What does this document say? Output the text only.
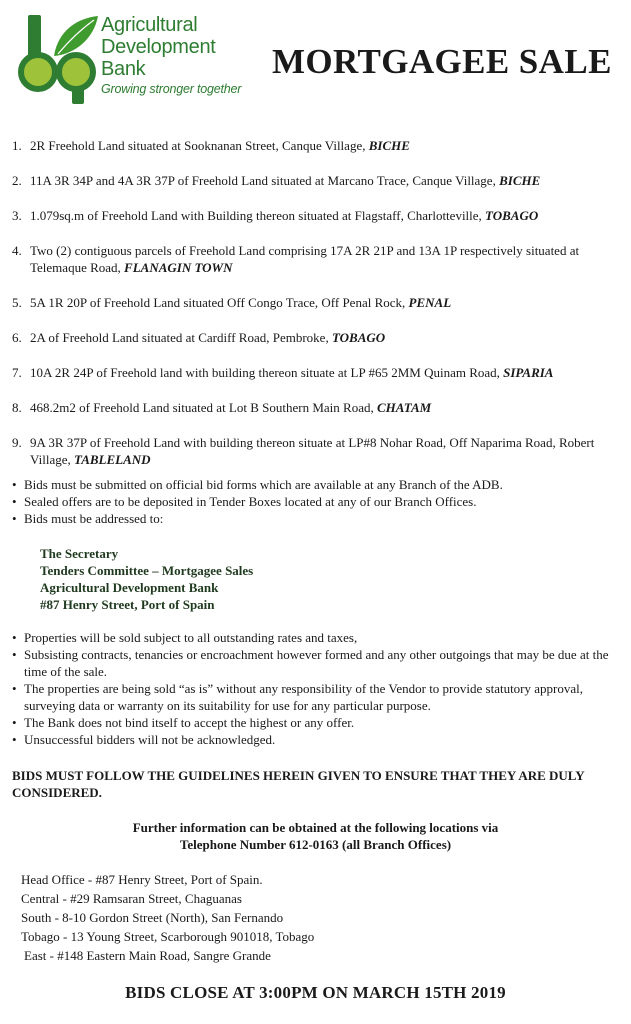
Agricultural
Development
Bank
Growing stronger together
MORTGAGEE SALE
1. 2R Freehold Land situated at Sooknanan Street, Canque Village, BICHE
2. 11A 3R 34P and 4A 3R 37P of Freehold Land situated at Marcano Trace, Canque Village, BICHE
3. 1.079sq.m of Freehold Land with Building thereon situated at Flagstaff, Charlotteville, TOBAGO
4. Two (2) contiguous parcels of Freehold Land comprising 17A 2R 21P and 13A 1P respectively situated at Telemaque Road, FLANAGIN TOWN
5. 5A 1R 20P of Freehold Land situated Off Congo Trace, Off Penal Rock, PENAL
6. 2A of Freehold Land situated at Cardiff Road, Pembroke, TOBAGO
7. 10A 2R 24P of Freehold land with building thereon situate at LP #65 2MM Quinam Road, SIPARIA
8. 468.2m2 of Freehold Land situated at Lot B Southern Main Road, CHATAM
9. 9A 3R 37P of Freehold Land with building thereon situate at LP#8 Nohar Road, Off Naparima Road, Robert Village, TABLELAND
• Bids must be submitted on official bid forms which are available at any Branch of the ADB.
• Sealed offers are to be deposited in Tender Boxes located at any of our Branch Offices.
• Bids must be addressed to:
The Secretary
Tenders Committee – Mortgagee Sales
Agricultural Development Bank
#87 Henry Street, Port of Spain
• Properties will be sold subject to all outstanding rates and taxes,
• Subsisting contracts, tenancies or encroachment however formed and any other outgoings that may be due at the time of the sale.
• The properties are being sold “as is” without any responsibility of the Vendor to provide statutory approval, surveying data or warranty on its suitability for use for any particular purpose.
• The Bank does not bind itself to accept the highest or any offer.
• Unsuccessful bidders will not be acknowledged.
BIDS MUST FOLLOW THE GUIDELINES HEREIN GIVEN TO ENSURE THAT THEY ARE DULY CONSIDERED.
Further information can be obtained at the following locations via
Telephone Number 612-0163 (all Branch Offices)
Head Office - #87 Henry Street, Port of Spain.
Central - #29 Ramsaran Street, Chaguanas
South - 8-10 Gordon Street (North), San Fernando
Tobago - 13 Young Street, Scarborough 901018, Tobago
East - #148 Eastern Main Road, Sangre Grande
BIDS CLOSE AT 3:00PM ON MARCH 15TH 2019
